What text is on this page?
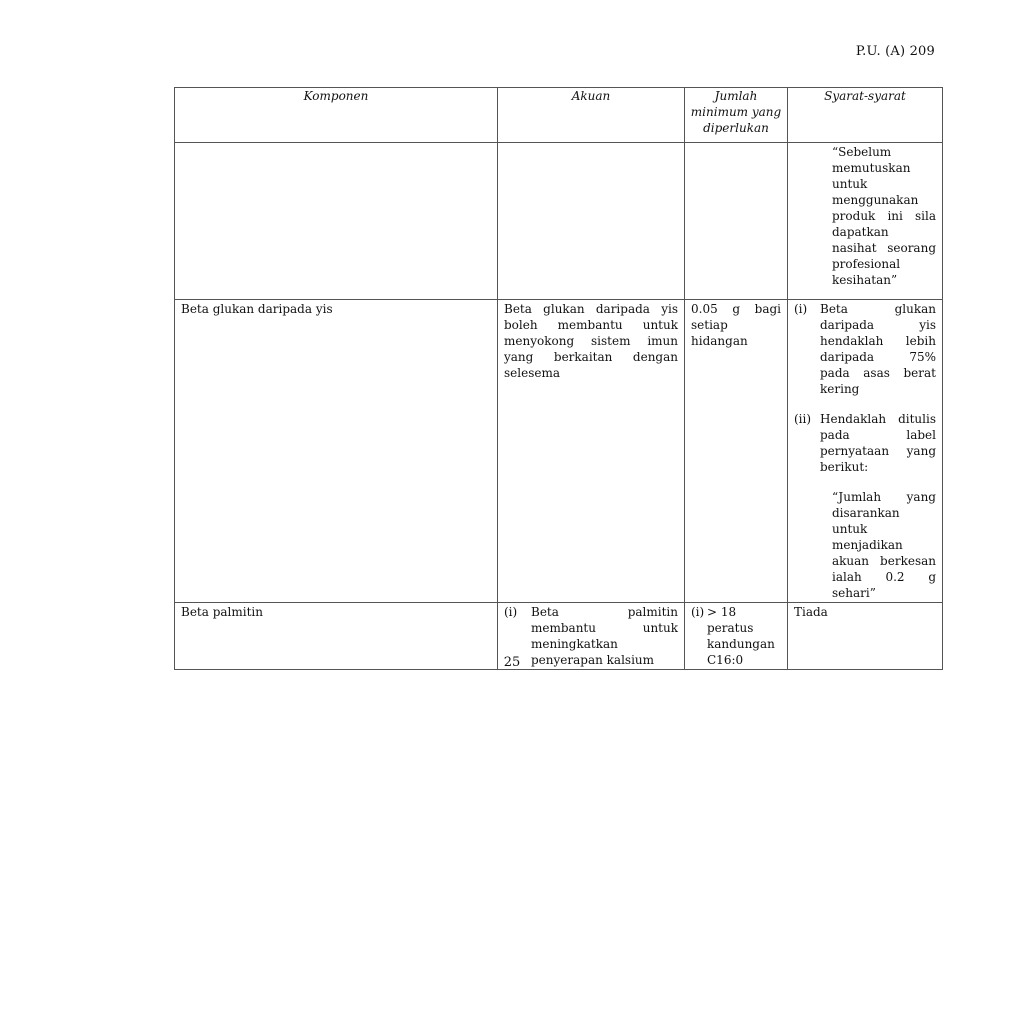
P.U. (A) 209
Komponen	Akuan	Jumlah minimum yang diperlukan	Syarat-syarat

			“Sebelum memutuskan untuk menggunakan produk ini sila dapatkan nasihat seorang profesional kesihatan”

Beta glukan daripada yis	Beta glukan daripada yis boleh membantu untuk menyokong sistem imun yang berkaitan dengan selesema	0.05 g bagi setiap hidangan	(i) Beta glukan daripada yis hendaklah lebih daripada 75% pada asas berat kering
(ii) Hendaklah ditulis pada label pernyataan yang berikut:
“Jumlah yang disarankan untuk menjadikan akuan berkesan ialah 0.2 g sehari”

Beta palmitin	(i) Beta palmitin membantu untuk meningkatkan penyerapan kalsium	(i) > 18 peratus kandungan C16:0	Tiada
25
